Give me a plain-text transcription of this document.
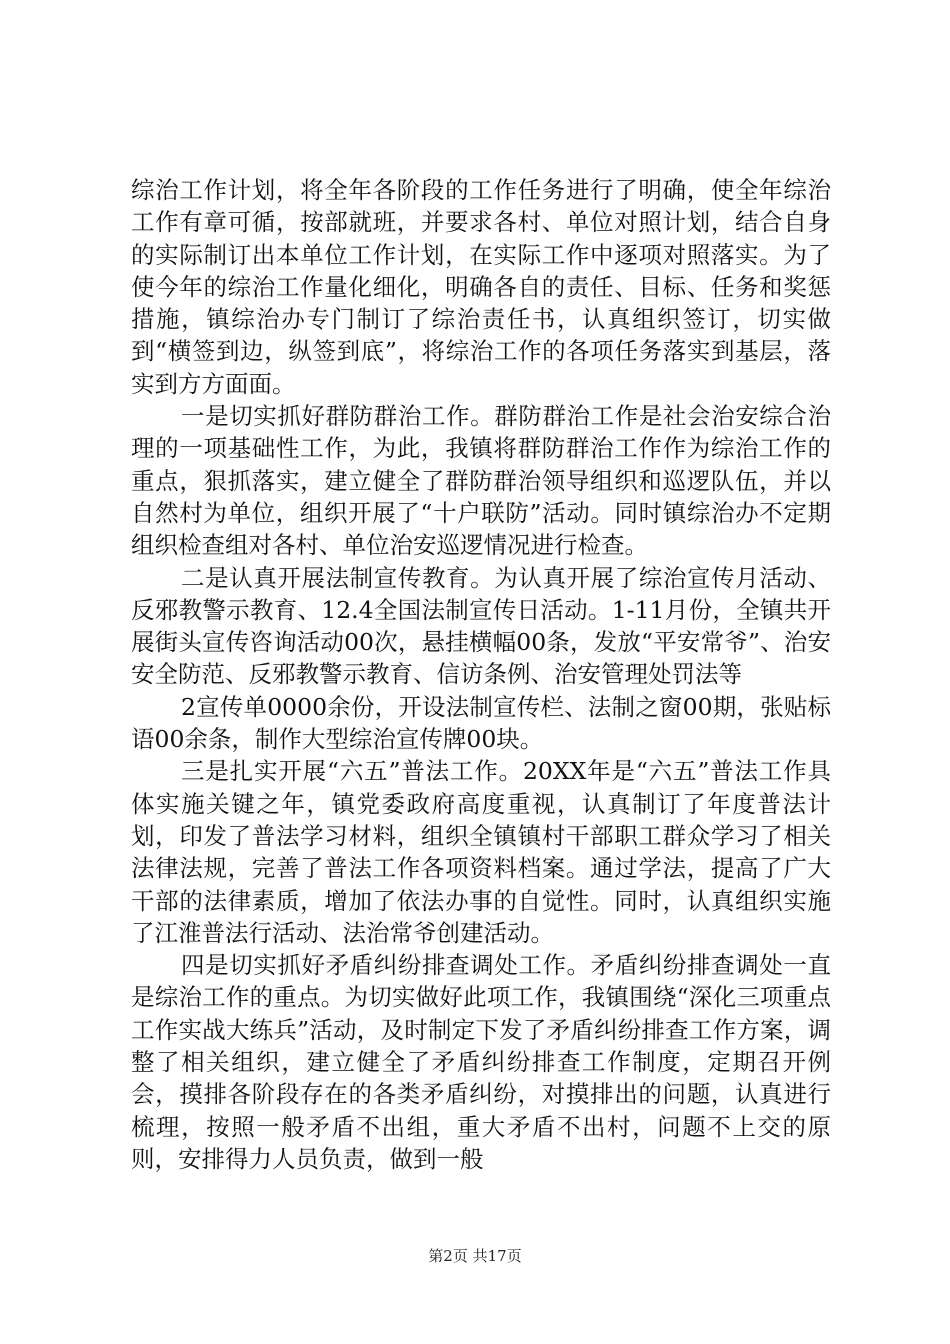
综治工作计划，将全年各阶段的工作任务进行了明确，使全年综治工作有章可循，按部就班，并要求各村、单位对照计划，结合自身的实际制订出本单位工作计划，在实际工作中逐项对照落实。为了使今年的综治工作量化细化，明确各自的责任、目标、任务和奖惩措施，镇综治办专门制订了综治责任书，认真组织签订，切实做到“横签到边，纵签到底”，将综治工作的各项任务落实到基层，落实到方方面面。

一是切实抓好群防群治工作。群防群治工作是社会治安综合治理的一项基础性工作，为此，我镇将群防群治工作作为综治工作的重点，狠抓落实，建立健全了群防群治领导组织和巡逻队伍，并以自然村为单位，组织开展了“十户联防”活动。同时镇综治办不定期组织检查组对各村、单位治安巡逻情况进行检查。

二是认真开展法制宣传教育。为认真开展了综治宣传月活动、反邪教警示教育、12.4全国法制宣传日活动。1-11月份，全镇共开展街头宣传咨询活动00次，悬挂横幅00条，发放“平安常爷”、治安安全防范、反邪教警示教育、信访条例、治安管理处罚法等

2宣传单0000余份，开设法制宣传栏、法制之窗00期，张贴标语00余条，制作大型综治宣传牌00块。

三是扎实开展“六五”普法工作。20XX年是“六五”普法工作具体实施关键之年，镇党委政府高度重视，认真制订了年度普法计划，印发了普法学习材料，组织全镇镇村干部职工群众学习了相关法律法规，完善了普法工作各项资料档案。通过学法，提高了广大干部的法律素质，增加了依法办事的自觉性。同时，认真组织实施了江淮普法行活动、法治常爷创建活动。

四是切实抓好矛盾纠纷排查调处工作。矛盾纠纷排查调处一直是综治工作的重点。为切实做好此项工作，我镇围绕“深化三项重点工作实战大练兵”活动，及时制定下发了矛盾纠纷排查工作方案，调整了相关组织，建立健全了矛盾纠纷排查工作制度，定期召开例会，摸排各阶段存在的各类矛盾纠纷，对摸排出的问题，认真进行梳理，按照一般矛盾不出组，重大矛盾不出村，问题不上交的原则，安排得力人员负责，做到一般

第2页 共17页
